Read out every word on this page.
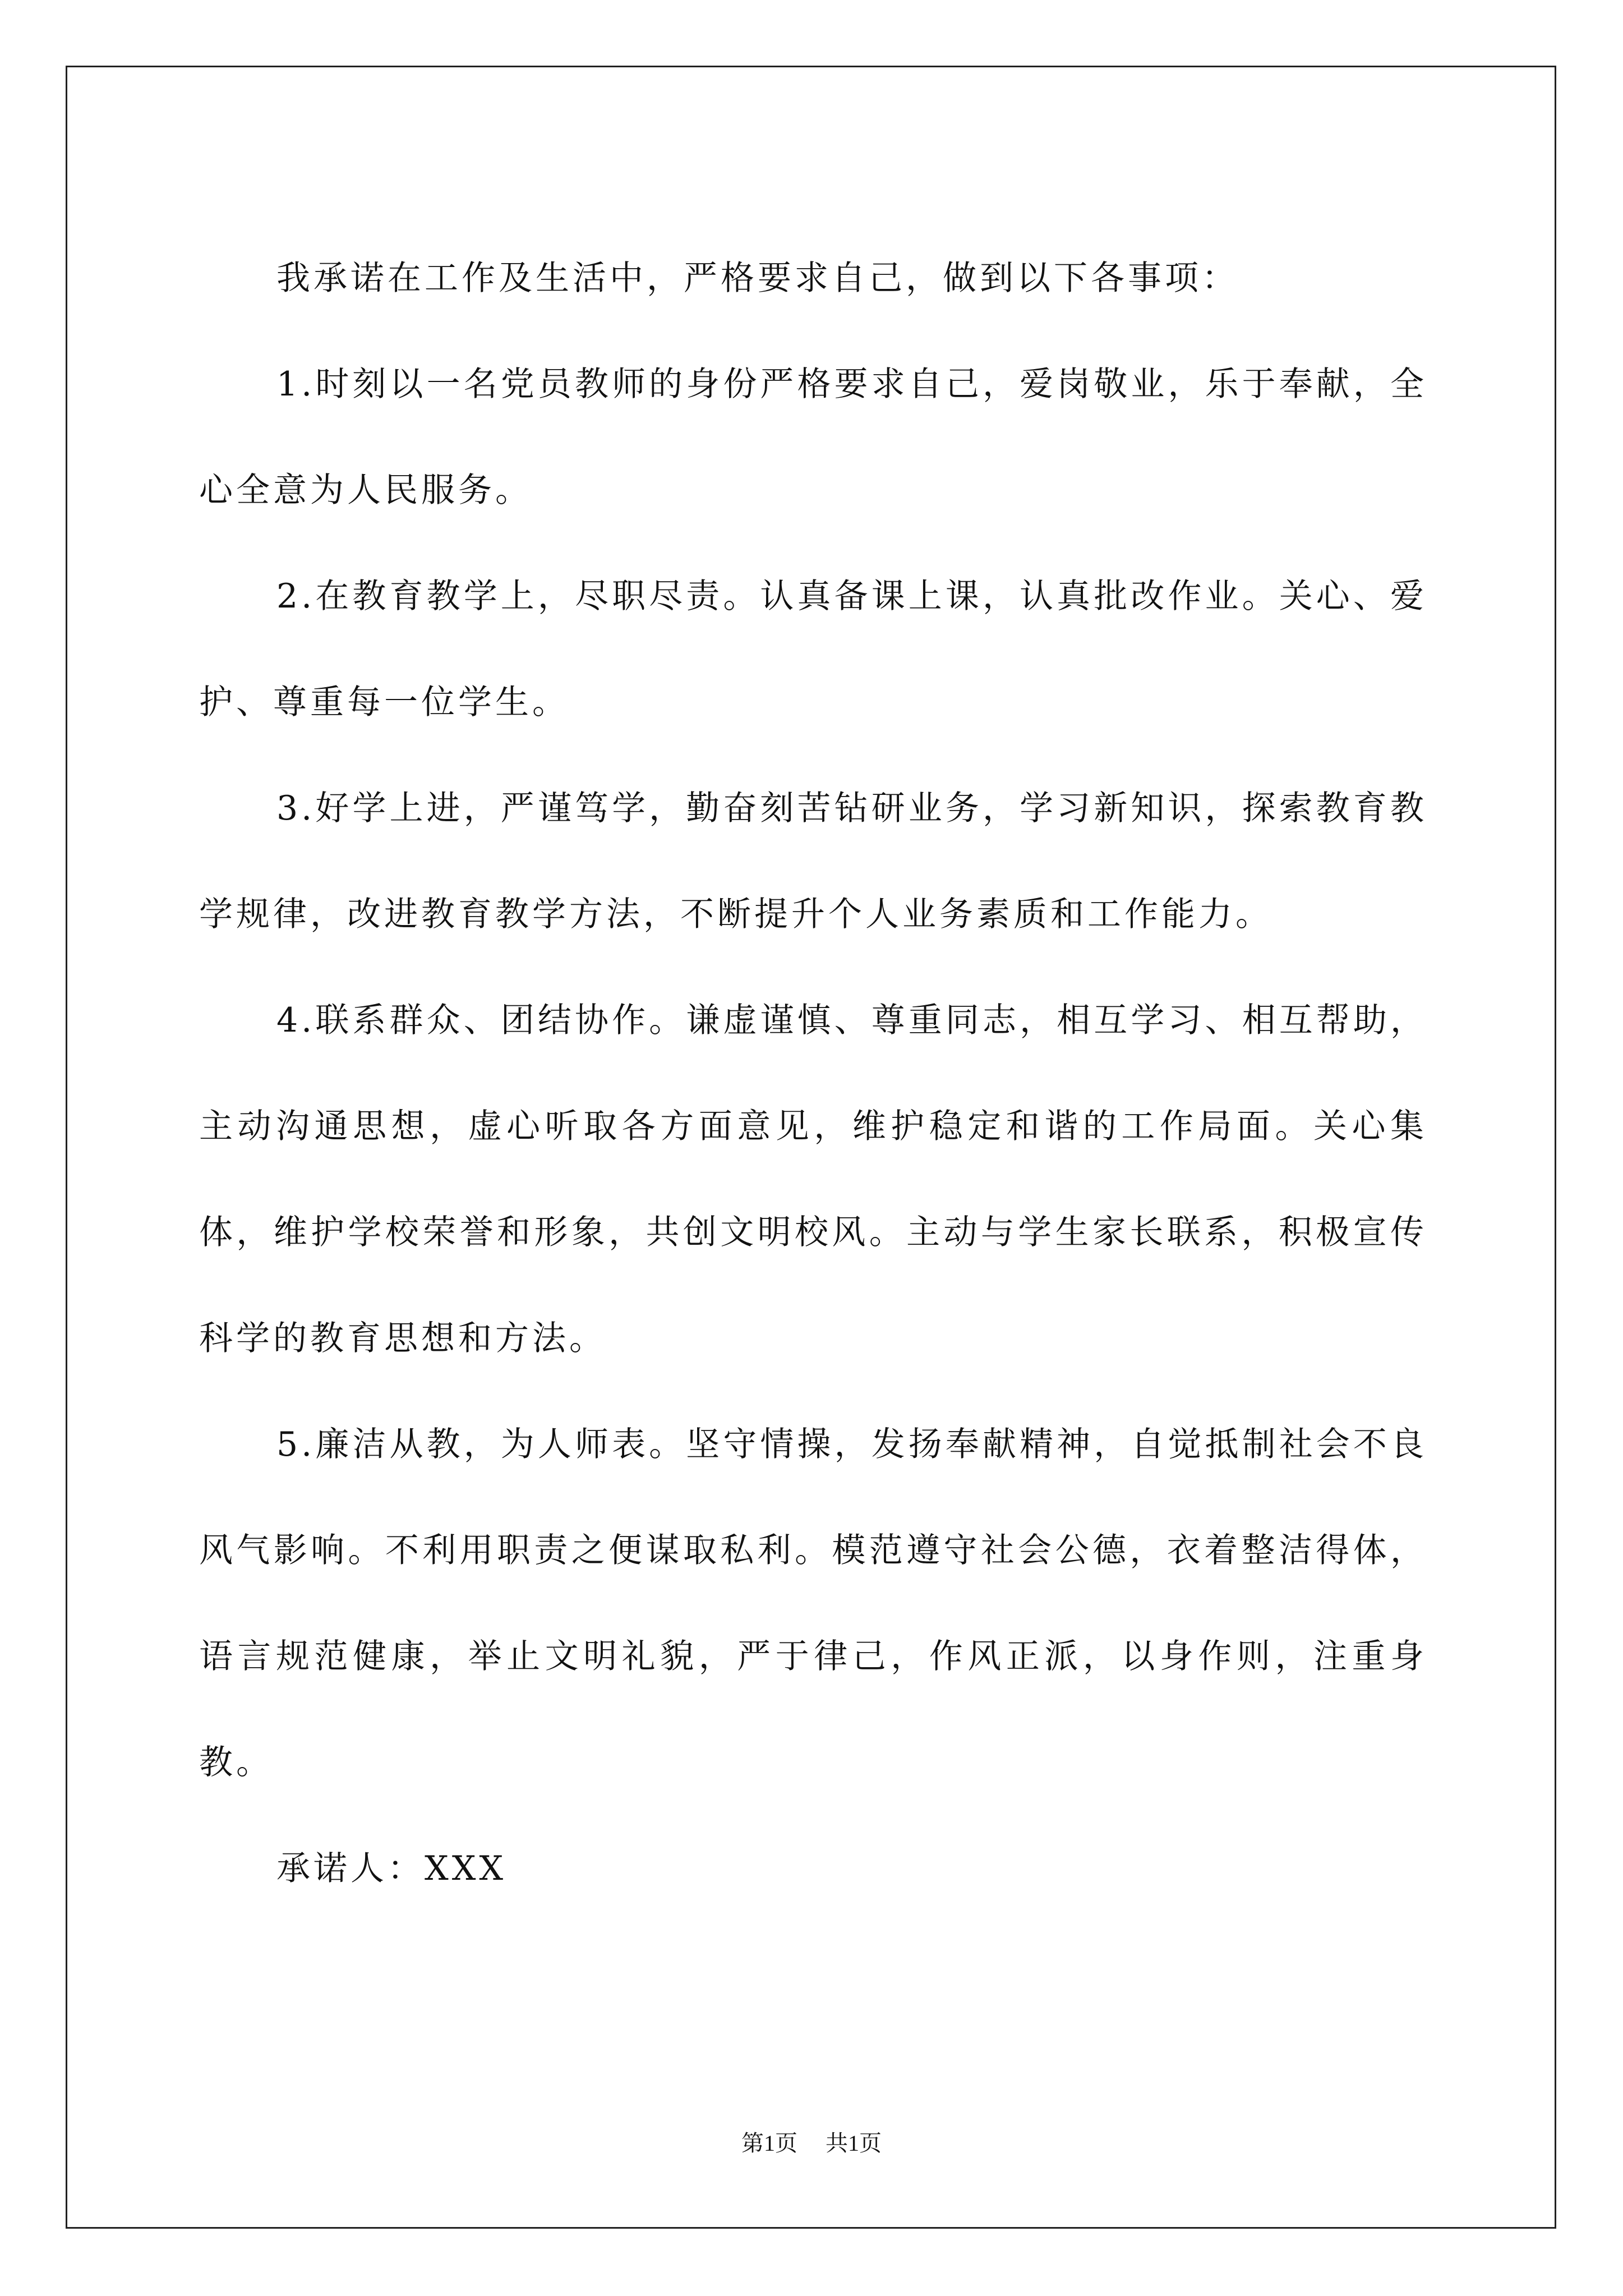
我承诺在工作及生活中，严格要求自己，做到以下各事项：

1.时刻以一名党员教师的身份严格要求自己，爱岗敬业，乐于奉献，全心全意为人民服务。

2.在教育教学上，尽职尽责。认真备课上课，认真批改作业。关心、爱护、尊重每一位学生。

3.好学上进，严谨笃学，勤奋刻苦钻研业务，学习新知识，探索教育教学规律，改进教育教学方法，不断提升个人业务素质和工作能力。

4.联系群众、团结协作。谦虚谨慎、尊重同志，相互学习、相互帮助，主动沟通思想，虚心听取各方面意见，维护稳定和谐的工作局面。关心集体，维护学校荣誉和形象，共创文明校风。主动与学生家长联系，积极宣传科学的教育思想和方法。

5.廉洁从教，为人师表。坚守情操，发扬奉献精神，自觉抵制社会不良风气影响。不利用职责之便谋取私利。模范遵守社会公德，衣着整洁得体，语言规范健康，举止文明礼貌，严于律己，作风正派，以身作则，注重身教。

承诺人：XXX

第1页 共1页
